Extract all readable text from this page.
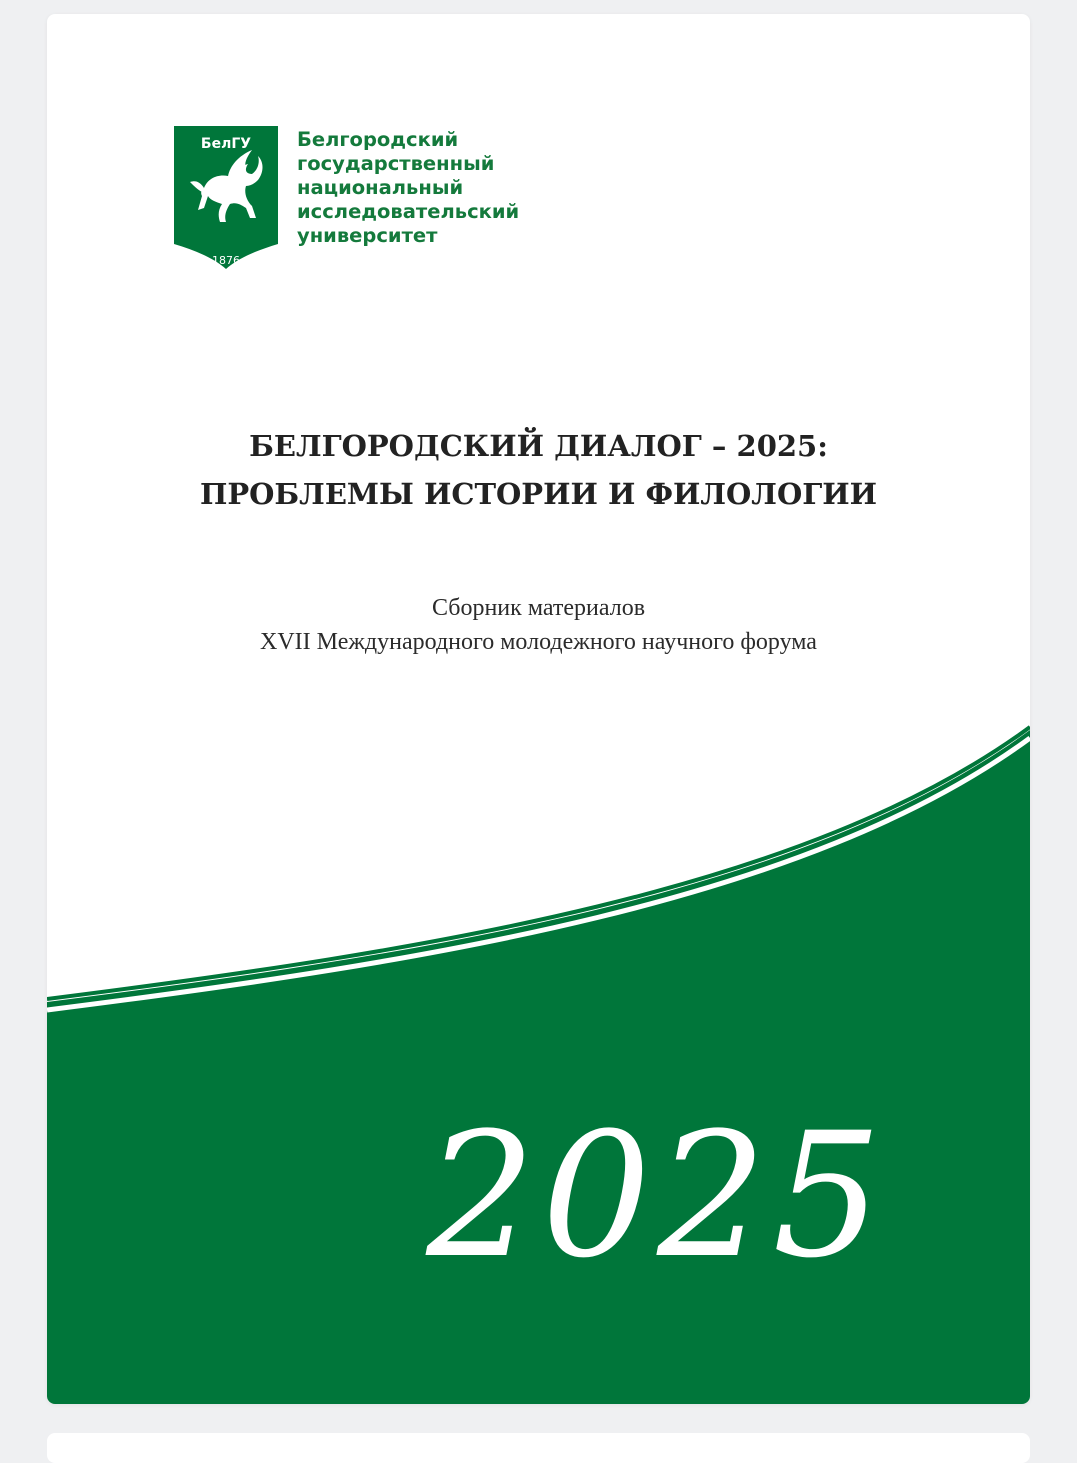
БелГУ
1876
Белгородский
государственный
национальный
исследовательский
университет
БЕЛГОРОДСКИЙ ДИАЛОГ – 2025:
ПРОБЛЕМЫ ИСТОРИИ И ФИЛОЛОГИИ
Сборник материалов
XVII Международного молодежного научного форума
2025
